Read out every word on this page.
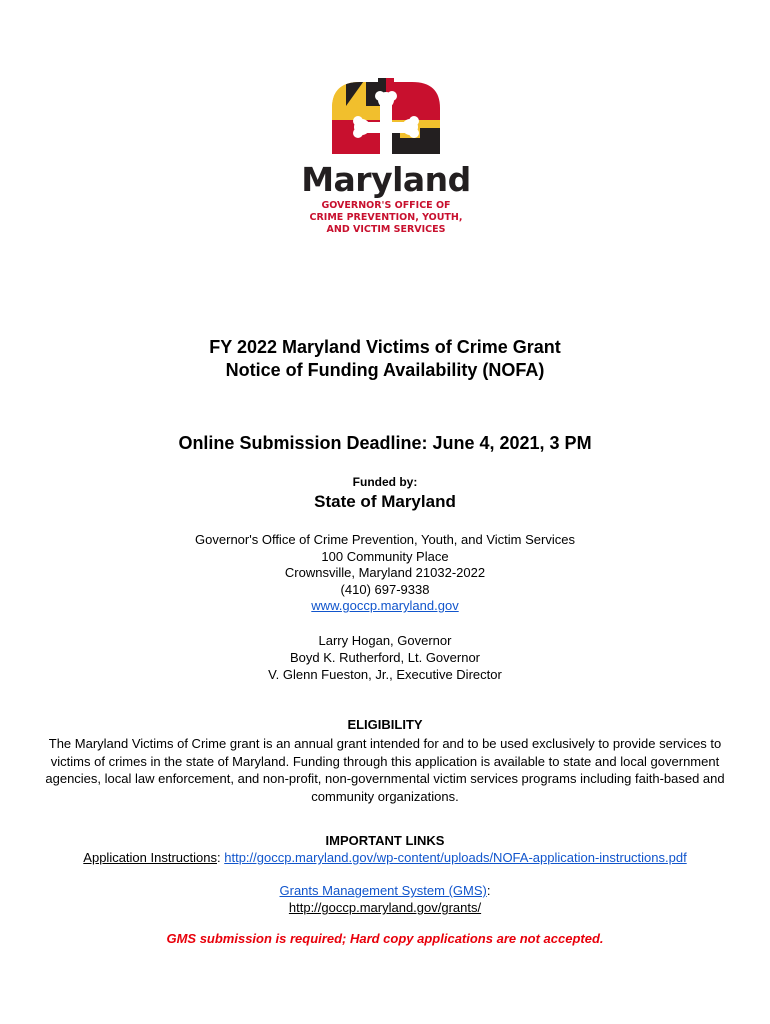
Maryland
GOVERNOR'S OFFICE OF
CRIME PREVENTION, YOUTH,
AND VICTIM SERVICES
FY 2022 Maryland Victims of Crime Grant
Notice of Funding Availability (NOFA)
Online Submission Deadline: June 4, 2021, 3 PM
Funded by:
State of Maryland
Governor's Office of Crime Prevention, Youth, and Victim Services
100 Community Place
Crownsville, Maryland 21032-2022
(410) 697-9338
www.goccp.maryland.gov
Larry Hogan, Governor
Boyd K. Rutherford, Lt. Governor
V. Glenn Fueston, Jr., Executive Director
ELIGIBILITY
The Maryland Victims of Crime grant is an annual grant intended for and to be used exclusively to provide services to victims of crimes in the state of Maryland. Funding through this application is available to state and local government agencies, local law enforcement, and non-profit, non-governmental victim services programs including faith-based and community organizations.
IMPORTANT LINKS
Application Instructions: http://goccp.maryland.gov/wp-content/uploads/NOFA-application-instructions.pdf
Grants Management System (GMS):
http://goccp.maryland.gov/grants/
GMS submission is required; Hard copy applications are not accepted.
